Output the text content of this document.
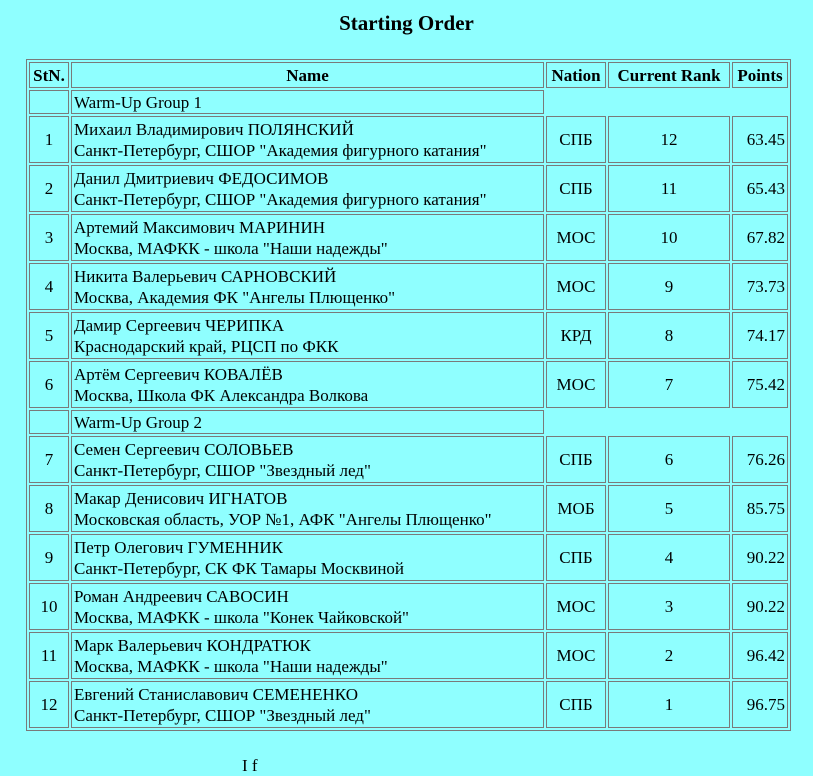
Starting Order
StN.	Name	Nation	Current Rank	Points
	Warm-Up Group 1			
1	Михаил Владимирович ПОЛЯНСКИЙ
Санкт-Петербург, СШОР "Академия фигурного катания"	СПБ	12	63.45
2	Данил Дмитриевич ФЕДОСИМОВ
Санкт-Петербург, СШОР "Академия фигурного катания"	СПБ	11	65.43
3	Артемий Максимович МАРИНИН
Москва, МАФКК - школа "Наши надежды"	МОС	10	67.82
4	Никита Валерьевич САРНОВСКИЙ
Москва, Академия ФК "Ангелы Плющенко"	МОС	9	73.73
5	Дамир Сергеевич ЧЕРИПКА
Краснодарский край, РЦСП по ФКК	КРД	8	74.17
6	Артём Сергеевич КОВАЛЁВ
Москва, Школа ФК Александра Волкова	МОС	7	75.42
	Warm-Up Group 2			
7	Семен Сергеевич СОЛОВЬЕВ
Санкт-Петербург, СШОР "Звездный лед"	СПБ	6	76.26
8	Макар Денисович ИГНАТОВ
Московская область, УОР №1, АФК "Ангелы Плющенко"	МОБ	5	85.75
9	Петр Олегович ГУМЕННИК
Санкт-Петербург, СК ФК Тамары Москвиной	СПБ	4	90.22
10	Роман Андреевич САВОСИН
Москва, МАФКК - школа "Конек Чайковской"	МОС	3	90.22
11	Марк Валерьевич КОНДРАТЮК
Москва, МАФКК - школа "Наши надежды"	МОС	2	96.42
12	Евгений Станиславович СЕМЕНЕНКО
Санкт-Петербург, СШОР "Звездный лед"	СПБ	1	96.75
I f
